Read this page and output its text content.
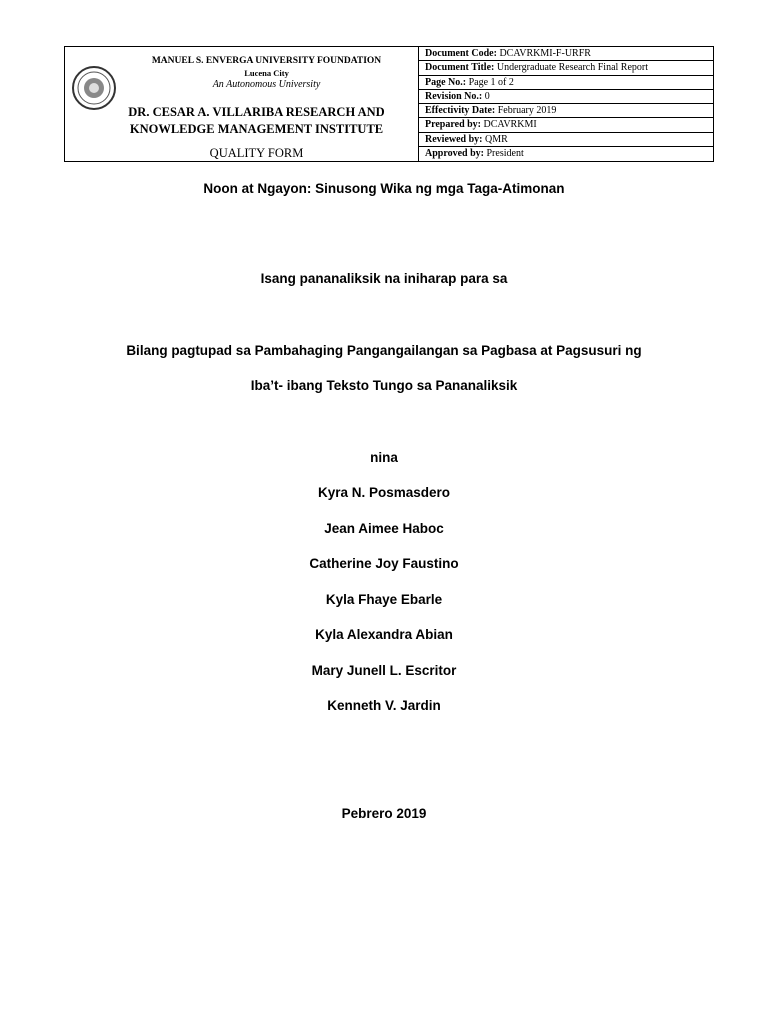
MANUEL S. ENVERGA UNIVERSITY FOUNDATION
Lucena City
An Autonomous University
DR. CESAR A. VILLARIBA RESEARCH AND
KNOWLEDGE MANAGEMENT INSTITUTE
QUALITY FORM
Document Code: DCAVRKMI-F-URFR
Document Title: Undergraduate Research Final Report
Page No.: Page 1 of 2
Revision No.: 0
Effectivity Date: February 2019
Prepared by: DCAVRKMI
Reviewed by: QMR
Approved by: President
Noon at Ngayon: Sinusong Wika ng mga Taga-Atimonan
Isang pananaliksik na iniharap para sa
Bilang pagtupad sa Pambahaging Pangangailangan sa Pagbasa at Pagsusuri ng
Iba’t- ibang Teksto Tungo sa Pananaliksik
nina
Kyra N. Posmasdero
Jean Aimee Haboc
Catherine Joy Faustino
Kyla Fhaye Ebarle
Kyla Alexandra Abian
Mary Junell L. Escritor
Kenneth V. Jardin
Pebrero 2019
